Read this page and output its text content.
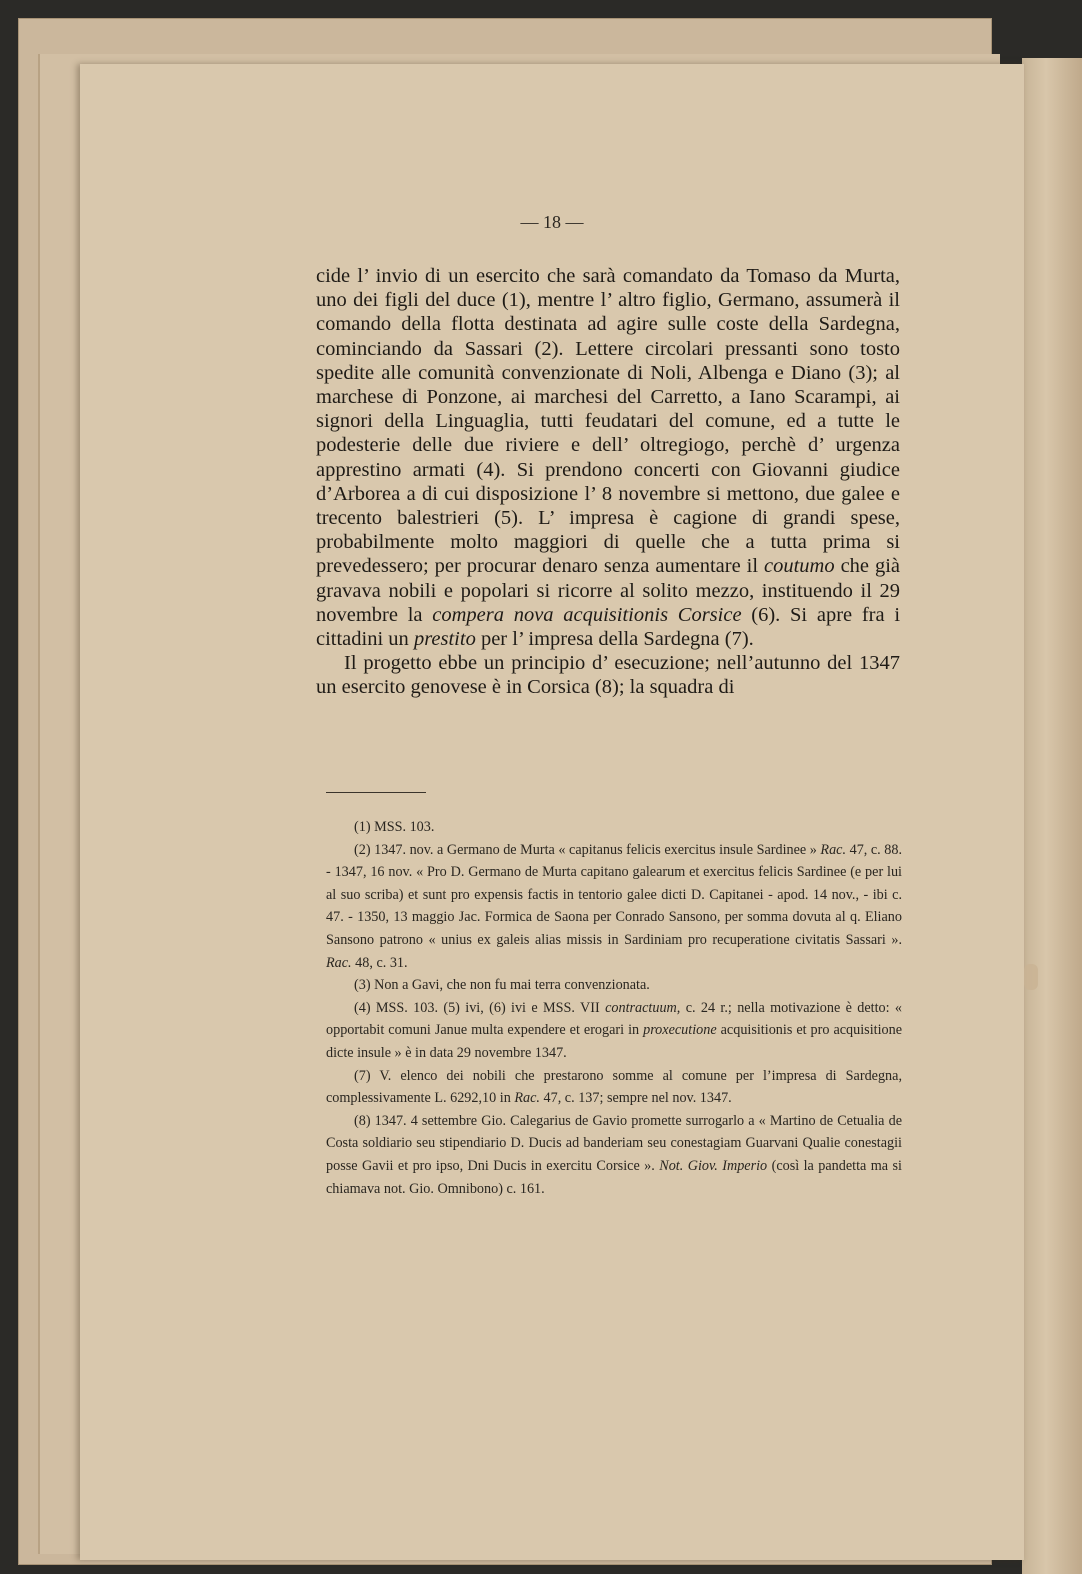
— 18 —

cide l’ invio di un esercito che sarà comandato da Tomaso da Murta, uno dei figli del duce (1), mentre l’ altro figlio, Germano, assumerà il comando della flotta destinata ad agire sulle coste della Sardegna, cominciando da Sassari (2). Lettere circolari pressanti sono tosto spedite alle comunità convenzionate di Noli, Albenga e Diano (3); al marchese di Ponzone, ai marchesi del Carretto, a Iano Scarampi, ai signori della Linguaglia, tutti feudatari del comune, ed a tutte le podesterie delle due riviere e dell’ oltregiogo, perchè d’ urgenza apprestino armati (4). Si prendono concerti con Giovanni giudice d’Arborea a di cui disposizione l’ 8 novembre si mettono, due galee e trecento balestrieri (5). L’ impresa è cagione di grandi spese, probabilmente molto maggiori di quelle che a tutta prima si prevedessero; per procurar denaro senza aumentare il coutumo che già gravava nobili e popolari si ricorre al solito mezzo, instituendo il 29 novembre la compera nova acquisitionis Corsice (6). Si apre fra i cittadini un prestito per l’ impresa della Sardegna (7).

Il progetto ebbe un principio d’ esecuzione; nell’autunno del 1347 un esercito genovese è in Corsica (8); la squadra di

(1) MSS. 103.

(2) 1347. nov. a Germano de Murta « capitanus felicis exercitus insule Sardinee » Rac. 47, c. 88. - 1347, 16 nov. « Pro D. Germano de Murta capitano galearum et exercitus felicis Sardinee (e per lui al suo scriba) et sunt pro expensis factis in tentorio galee dicti D. Capitanei - apod. 14 nov., - ibi c. 47. - 1350, 13 maggio Jac. Formica de Saona per Conrado Sansono, per somma dovuta al q. Eliano Sansono patrono « unius ex galeis alias missis in Sardiniam pro recuperatione civitatis Sassari ». Rac. 48, c. 31.

(3) Non a Gavi, che non fu mai terra convenzionata.

(4) MSS. 103. (5) ivi, (6) ivi e MSS. VII contractuum, c. 24 r.; nella motivazione è detto: « opportabit comuni Janue multa expendere et erogari in proxecutione acquisitionis et pro acquisitione dicte insule » è in data 29 novembre 1347.

(7) V. elenco dei nobili che prestarono somme al comune per l’impresa di Sardegna, complessivamente L. 6292,10 in Rac. 47, c. 137; sempre nel nov. 1347.

(8) 1347. 4 settembre Gio. Calegarius de Gavio promette surrogarlo a « Martino de Cetualia de Costa soldiario seu stipendiario D. Ducis ad banderiam seu conestagiam Guarvani Qualie conestagii posse Gavii et pro ipso, Dni Ducis in exercitu Corsice ». Not. Giov. Imperio (così la pandetta ma si chiamava not. Gio. Omnibono) c. 161.
